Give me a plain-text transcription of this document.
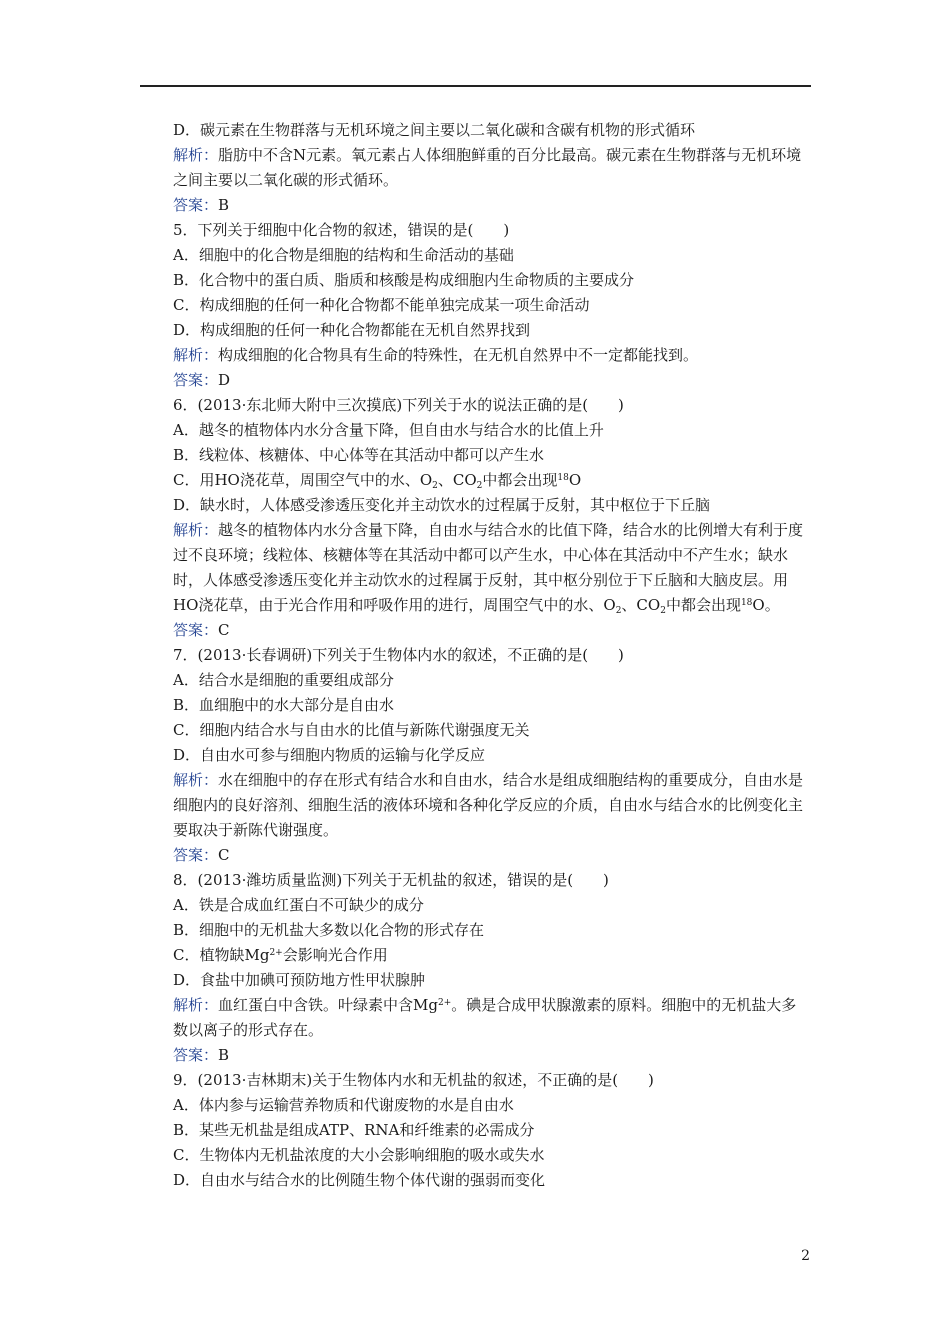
D．碳元素在生物群落与无机环境之间主要以二氧化碳和含碳有机物的形式循环
解析：脂肪中不含N元素。氧元素占人体细胞鲜重的百分比最高。碳元素在生物群落与无机环境之间主要以二氧化碳的形式循环。
答案：B
5．下列关于细胞中化合物的叙述，错误的是(　　)
A．细胞中的化合物是细胞的结构和生命活动的基础
B．化合物中的蛋白质、脂质和核酸是构成细胞内生命物质的主要成分
C．构成细胞的任何一种化合物都不能单独完成某一项生命活动
D．构成细胞的任何一种化合物都能在无机自然界找到
解析：构成细胞的化合物具有生命的特殊性，在无机自然界中不一定都能找到。
答案：D
6．(2013·东北师大附中三次摸底)下列关于水的说法正确的是(　　)
A．越冬的植物体内水分含量下降，但自由水与结合水的比值上升
B．线粒体、核糖体、中心体等在其活动中都可以产生水
C．用HO浇花草，周围空气中的水、$O_2$、$CO_2$中都会出现$^{18}$O
D．缺水时，人体感受渗透压变化并主动饮水的过程属于反射，其中枢位于下丘脑
解析：越冬的植物体内水分含量下降，自由水与结合水的比值下降，结合水的比例增大有利于度过不良环境；线粒体、核糖体等在其活动中都可以产生水，中心体在其活动中不产生水；缺水时，人体感受渗透压变化并主动饮水的过程属于反射，其中枢分别位于下丘脑和大脑皮层。用HO浇花草，由于光合作用和呼吸作用的进行，周围空气中的水、$O_2$、$CO_2$中都会出现$^{18}$O。
答案：C
7．(2013·长春调研)下列关于生物体内水的叙述，不正确的是(　　)
A．结合水是细胞的重要组成部分
B．血细胞中的水大部分是自由水
C．细胞内结合水与自由水的比值与新陈代谢强度无关
D．自由水可参与细胞内物质的运输与化学反应
解析：水在细胞中的存在形式有结合水和自由水，结合水是组成细胞结构的重要成分，自由水是细胞内的良好溶剂、细胞生活的液体环境和各种化学反应的介质，自由水与结合水的比例变化主要取决于新陈代谢强度。
答案：C
8．(2013·潍坊质量监测)下列关于无机盐的叙述，错误的是(　　)
A．铁是合成血红蛋白不可缺少的成分
B．细胞中的无机盐大多数以化合物的形式存在
C．植物缺$Mg^{2+}$会影响光合作用
D．食盐中加碘可预防地方性甲状腺肿
解析：血红蛋白中含铁。叶绿素中含$Mg^{2+}$。碘是合成甲状腺激素的原料。细胞中的无机盐大多数以离子的形式存在。
答案：B
9．(2013·吉林期末)关于生物体内水和无机盐的叙述，不正确的是(　　)
A．体内参与运输营养物质和代谢废物的水是自由水
B．某些无机盐是组成ATP、RNA和纤维素的必需成分
C．生物体内无机盐浓度的大小会影响细胞的吸水或失水
D．自由水与结合水的比例随生物个体代谢的强弱而变化
2
